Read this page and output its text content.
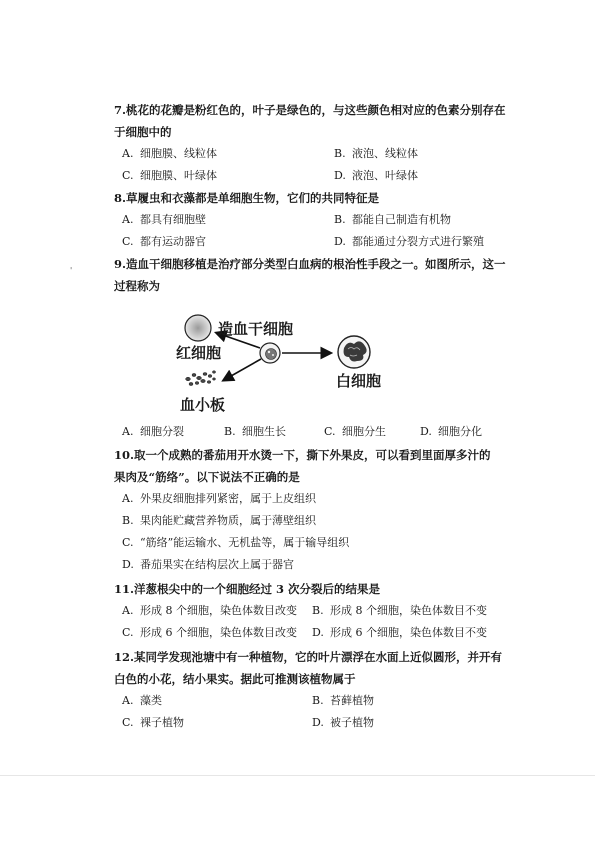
'
7.桃花的花瓣是粉红色的，叶子是绿色的，与这些颜色相对应的色素分别存在
于细胞中的
A. 细胞膜、线粒体	B. 液泡、线粒体
C. 细胞膜、叶绿体	D. 液泡、叶绿体
8.草履虫和衣藻都是单细胞生物，它们的共同特征是
A. 都具有细胞壁	B. 都能自己制造有机物
C. 都有运动器官	D. 都能通过分裂方式进行繁殖
9.造血干细胞移植是治疗部分类型白血病的根治性手段之一。如图所示，这一
过程称为
造血干细胞
红细胞
白细胞
血小板
A. 细胞分裂	B. 细胞生长	C. 细胞分生	D. 细胞分化
10.取一个成熟的番茄用开水烫一下，撕下外果皮，可以看到里面厚多汁的
果肉及“筋络”。以下说法不正确的是
A. 外果皮细胞排列紧密，属于上皮组织
B. 果肉能贮藏营养物质，属于薄壁组织
C. “筋络”能运输水、无机盐等，属于输导组织
D. 番茄果实在结构层次上属于器官
11.洋葱根尖中的一个细胞经过 3 次分裂后的结果是
A. 形成 8 个细胞，染色体数目改变 B. 形成 8 个细胞，染色体数目不变
C. 形成 6 个细胞，染色体数目改变 D. 形成 6 个细胞，染色体数目不变
12.某同学发现池塘中有一种植物，它的叶片漂浮在水面上近似圆形，并开有
白色的小花，结小果实。据此可推测该植物属于
A. 藻类	B. 苔藓植物
C. 裸子植物	D. 被子植物
